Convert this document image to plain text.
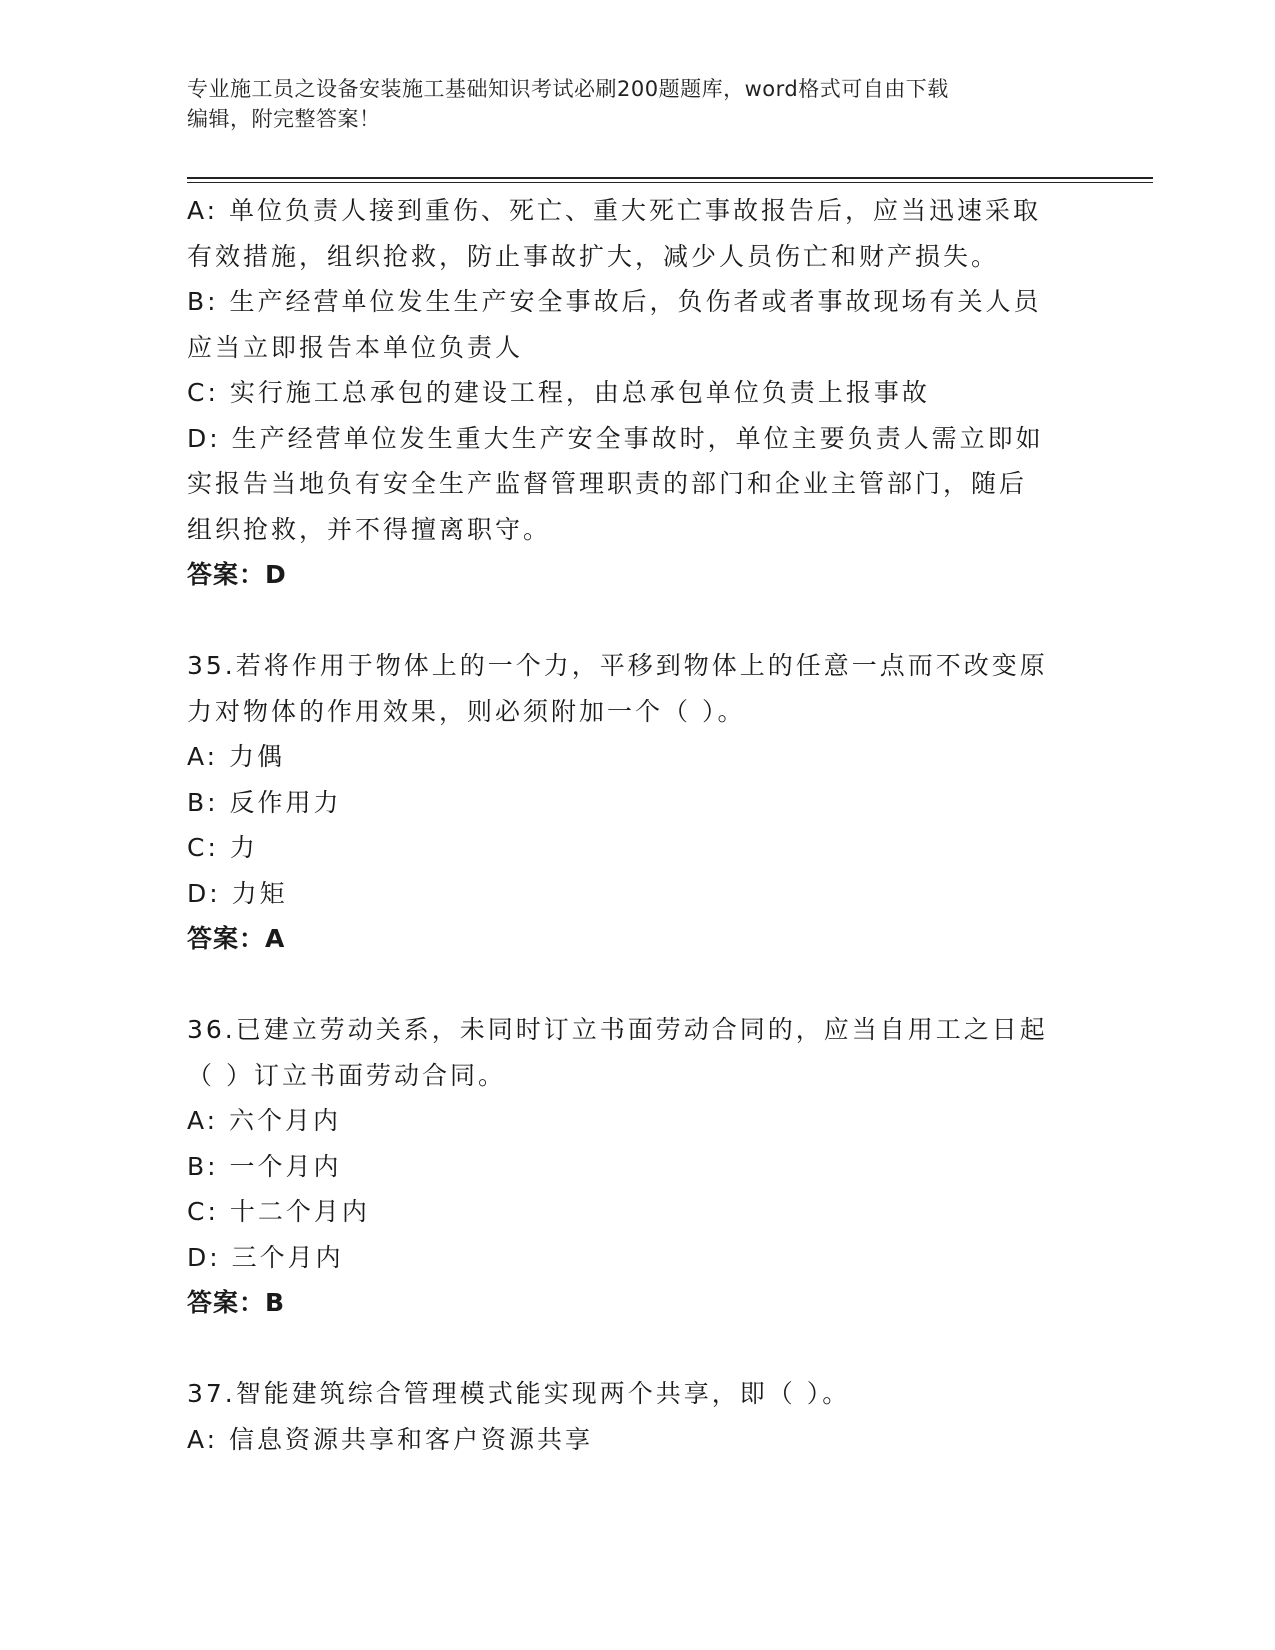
专业施工员之设备安装施工基础知识考试必刷200题题库，word格式可自由下载
编辑，附完整答案！
A: 单位负责人接到重伤、死亡、重大死亡事故报告后，应当迅速采取
有效措施，组织抢救，防止事故扩大，减少人员伤亡和财产损失。
B: 生产经营单位发生生产安全事故后，负伤者或者事故现场有关人员
应当立即报告本单位负责人
C: 实行施工总承包的建设工程，由总承包单位负责上报事故
D: 生产经营单位发生重大生产安全事故时，单位主要负责人需立即如
实报告当地负有安全生产监督管理职责的部门和企业主管部门，随后
组织抢救，并不得擅离职守。
答案：D
35.若将作用于物体上的一个力，平移到物体上的任意一点而不改变原
力对物体的作用效果，则必须附加一个（ ）。
A: 力偶
B: 反作用力
C: 力
D: 力矩
答案：A
36.已建立劳动关系，未同时订立书面劳动合同的，应当自用工之日起
（ ）订立书面劳动合同。
A: 六个月内
B: 一个月内
C: 十二个月内
D: 三个月内
答案：B
37.智能建筑综合管理模式能实现两个共享，即（ ）。
A: 信息资源共享和客户资源共享
